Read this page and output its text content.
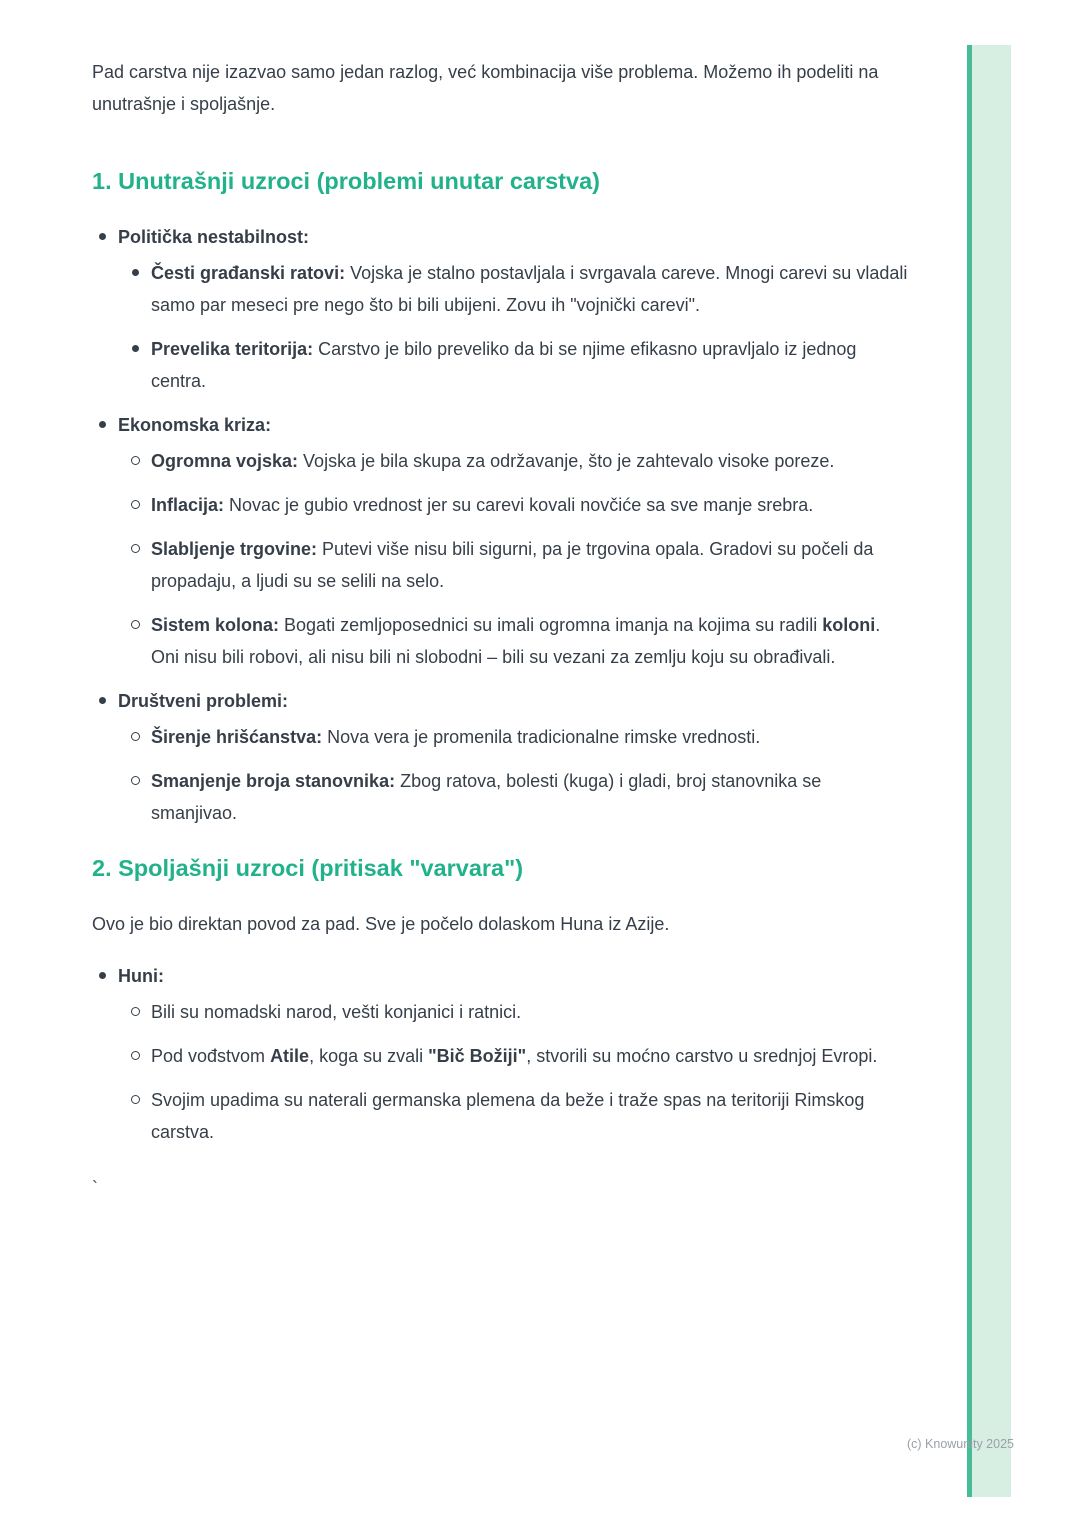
Pad carstva nije izazvao samo jedan razlog, već kombinacija više problema. Možemo ih podeliti na unutrašnje i spoljašnje.

1. Unutrašnji uzroci (problemi unutar carstva)
Politička nestabilnost:

Česti građanski ratovi: Vojska je stalno postavljala i svrgavala careve. Mnogi carevi su vladali samo par meseci pre nego što bi bili ubijeni. Zovu ih "vojnički carevi".

Prevelika teritorija: Carstvo je bilo preveliko da bi se njime efikasno upravljalo iz jednog centra.

Ekonomska kriza:

Ogromna vojska: Vojska je bila skupa za održavanje, što je zahtevalo visoke poreze.

Inflacija: Novac je gubio vrednost jer su carevi kovali novčiće sa sve manje srebra.

Slabljenje trgovine: Putevi više nisu bili sigurni, pa je trgovina opala. Gradovi su počeli da propadaju, a ljudi su se selili na selo.

Sistem kolona: Bogati zemljoposednici su imali ogromna imanja na kojima su radili koloni. Oni nisu bili robovi, ali nisu bili ni slobodni – bili su vezani za zemlju koju su obrađivali.

Društveni problemi:

Širenje hrišćanstva: Nova vera je promenila tradicionalne rimske vrednosti.

Smanjenje broja stanovnika: Zbog ratova, bolesti (kuga) i gladi, broj stanovnika se smanjivao.

2. Spoljašnji uzroci (pritisak "varvara")

Ovo je bio direktan povod za pad. Sve je počelo dolaskom Huna iz Azije.

Huni:

Bili su nomadski narod, vešti konjanici i ratnici.

Pod vođstvom Atile, koga su zvali "Bič Božiji", stvorili su moćno carstvo u srednjoj Evropi.

Svojim upadima su naterali germanska plemena da beže i traže spas na teritoriji Rimskog carstva.

`
(c) Knowunity 2025
